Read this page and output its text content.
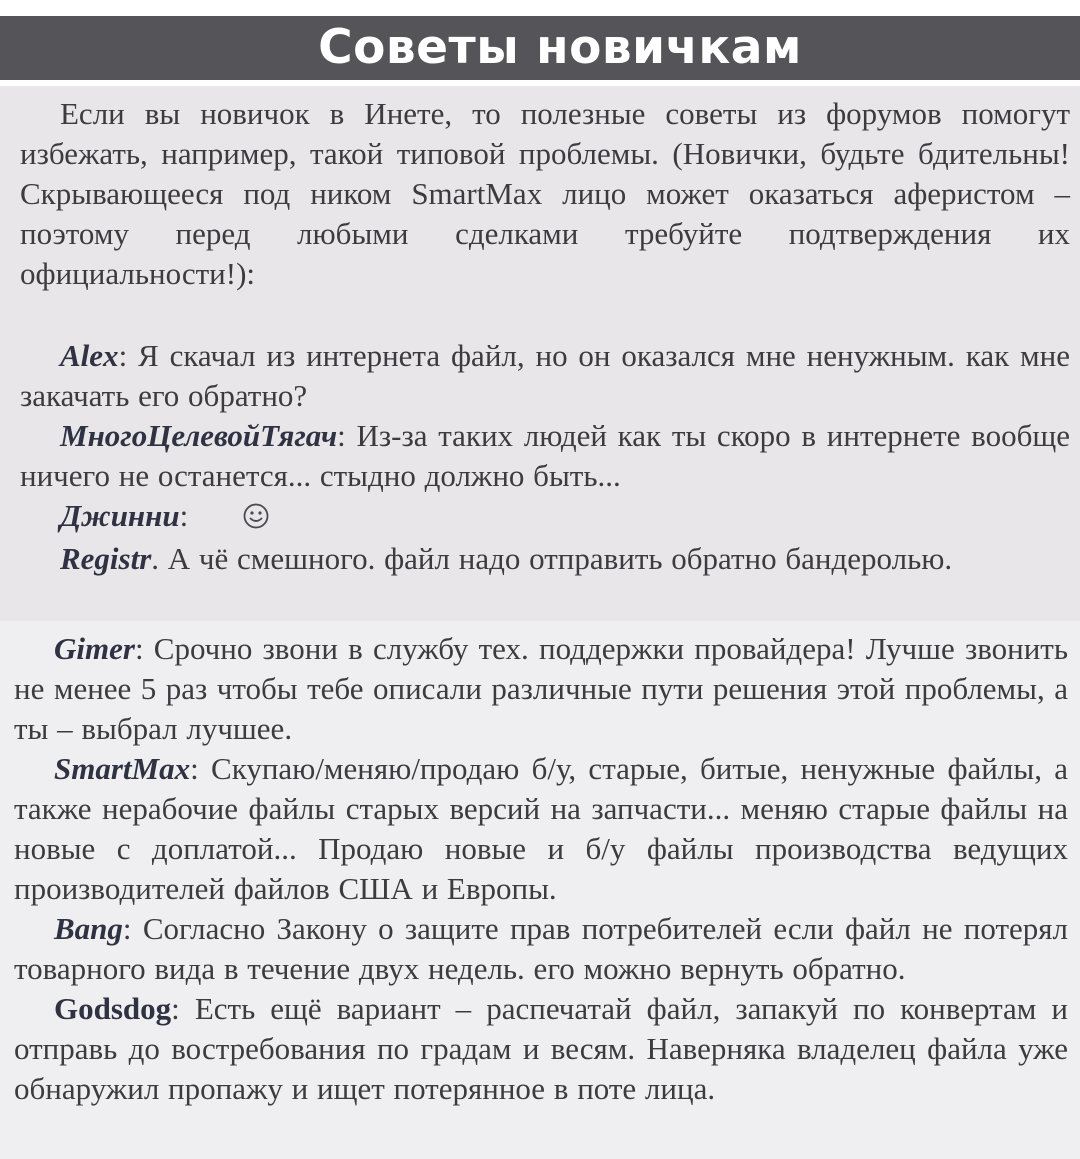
Советы новичкам
Если вы новичок в Инете, то полезные советы из форумов помогут избежать, например, такой типовой проблемы. (Новички, будьте бдительны! Скрывающееся под ником SmartMax лицо может оказаться аферистом – поэтому перед любыми сделками требуйте подтверждения их официальности!):

Alex: Я скачал из интернета файл, но он оказался мне ненужным. как мне закачать его обратно?

МногоЦелевойТягач: Из-за таких людей как ты скоро в интернете вообще ничего не останется... стыдно должно быть...

Джинни:

Registr. А чё смешного. файл надо отправить обратно бандеролью.

Gimer: Срочно звони в службу тех. поддержки провайдера! Лучше звонить не менее 5 раз чтобы тебе описали различные пути решения этой проблемы, а ты – выбрал лучшее.

SmartMax: Скупаю/меняю/продаю б/у, старые, битые, ненужные файлы, а также нерабочие файлы старых версий на запчасти... меняю старые файлы на новые с доплатой... Продаю новые и б/у файлы производства ведущих производителей файлов США и Европы.

Bang: Согласно Закону о защите прав потребителей если файл не потерял товарного вида в течение двух недель. его можно вернуть обратно.

Godsdog: Есть ещё вариант – распечатай файл, запакуй по конвертам и отправь до востребования по градам и весям. Наверняка владелец файла уже обнаружил пропажу и ищет потерянное в поте лица.
